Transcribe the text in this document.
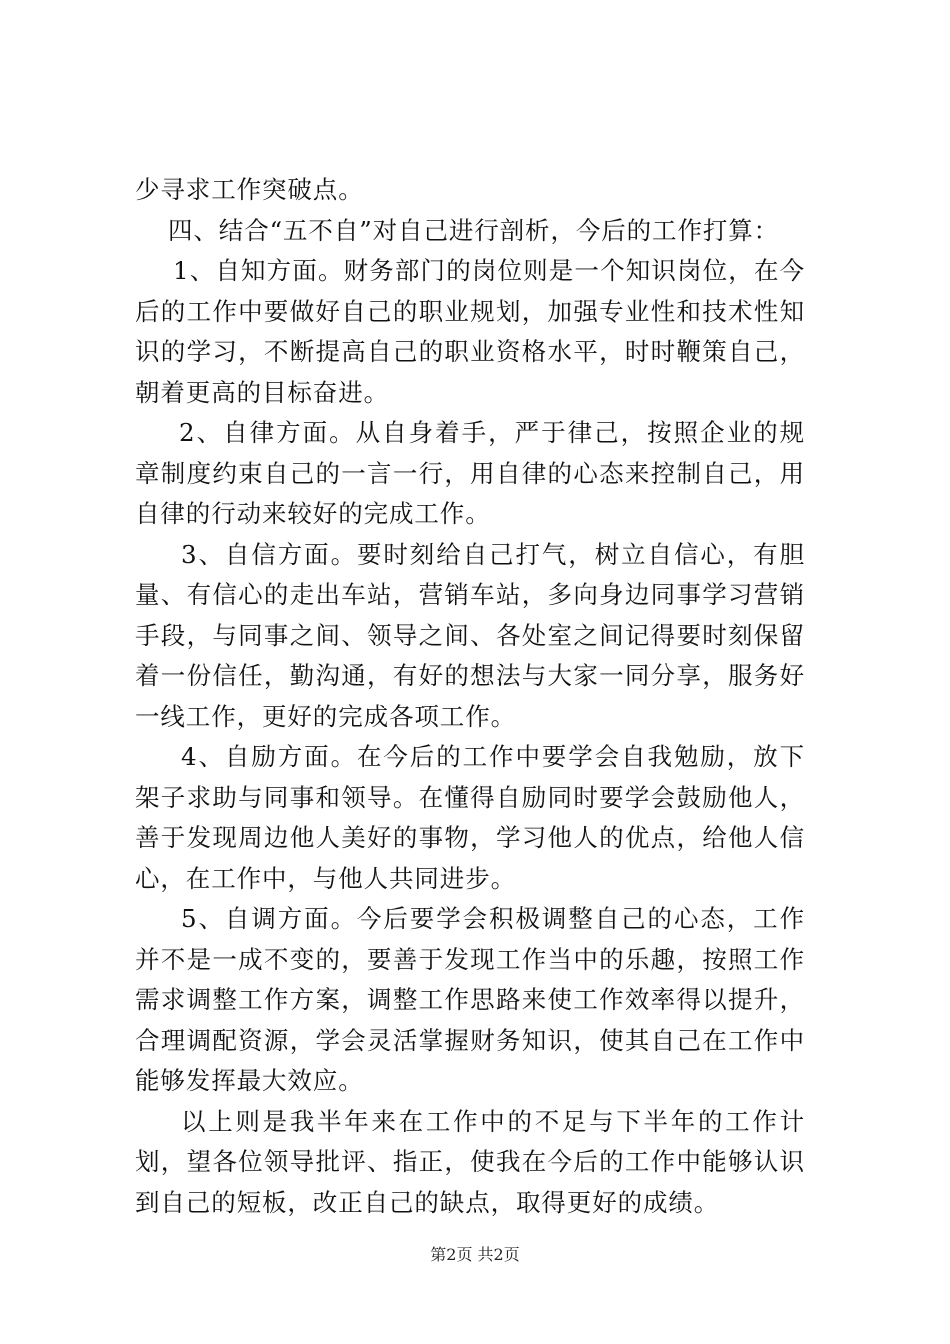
少寻求工作突破点。

四、结合“五不自”对自己进行剖析，今后的工作打算：

1、自知方面。财务部门的岗位则是一个知识岗位，在今后的工作中要做好自己的职业规划，加强专业性和技术性知识的学习，不断提高自己的职业资格水平，时时鞭策自己，朝着更高的目标奋进。

2、自律方面。从自身着手，严于律己，按照企业的规章制度约束自己的一言一行，用自律的心态来控制自己，用自律的行动来较好的完成工作。

3、自信方面。要时刻给自己打气，树立自信心，有胆量、有信心的走出车站，营销车站，多向身边同事学习营销手段，与同事之间、领导之间、各处室之间记得要时刻保留着一份信任，勤沟通，有好的想法与大家一同分享，服务好一线工作，更好的完成各项工作。

4、自励方面。在今后的工作中要学会自我勉励，放下架子求助与同事和领导。在懂得自励同时要学会鼓励他人，善于发现周边他人美好的事物，学习他人的优点，给他人信心，在工作中，与他人共同进步。

5、自调方面。今后要学会积极调整自己的心态，工作并不是一成不变的，要善于发现工作当中的乐趣，按照工作需求调整工作方案，调整工作思路来使工作效率得以提升，合理调配资源，学会灵活掌握财务知识，使其自己在工作中能够发挥最大效应。

以上则是我半年来在工作中的不足与下半年的工作计划，望各位领导批评、指正，使我在今后的工作中能够认识到自己的短板，改正自己的缺点，取得更好的成绩。

第2页 共2页
